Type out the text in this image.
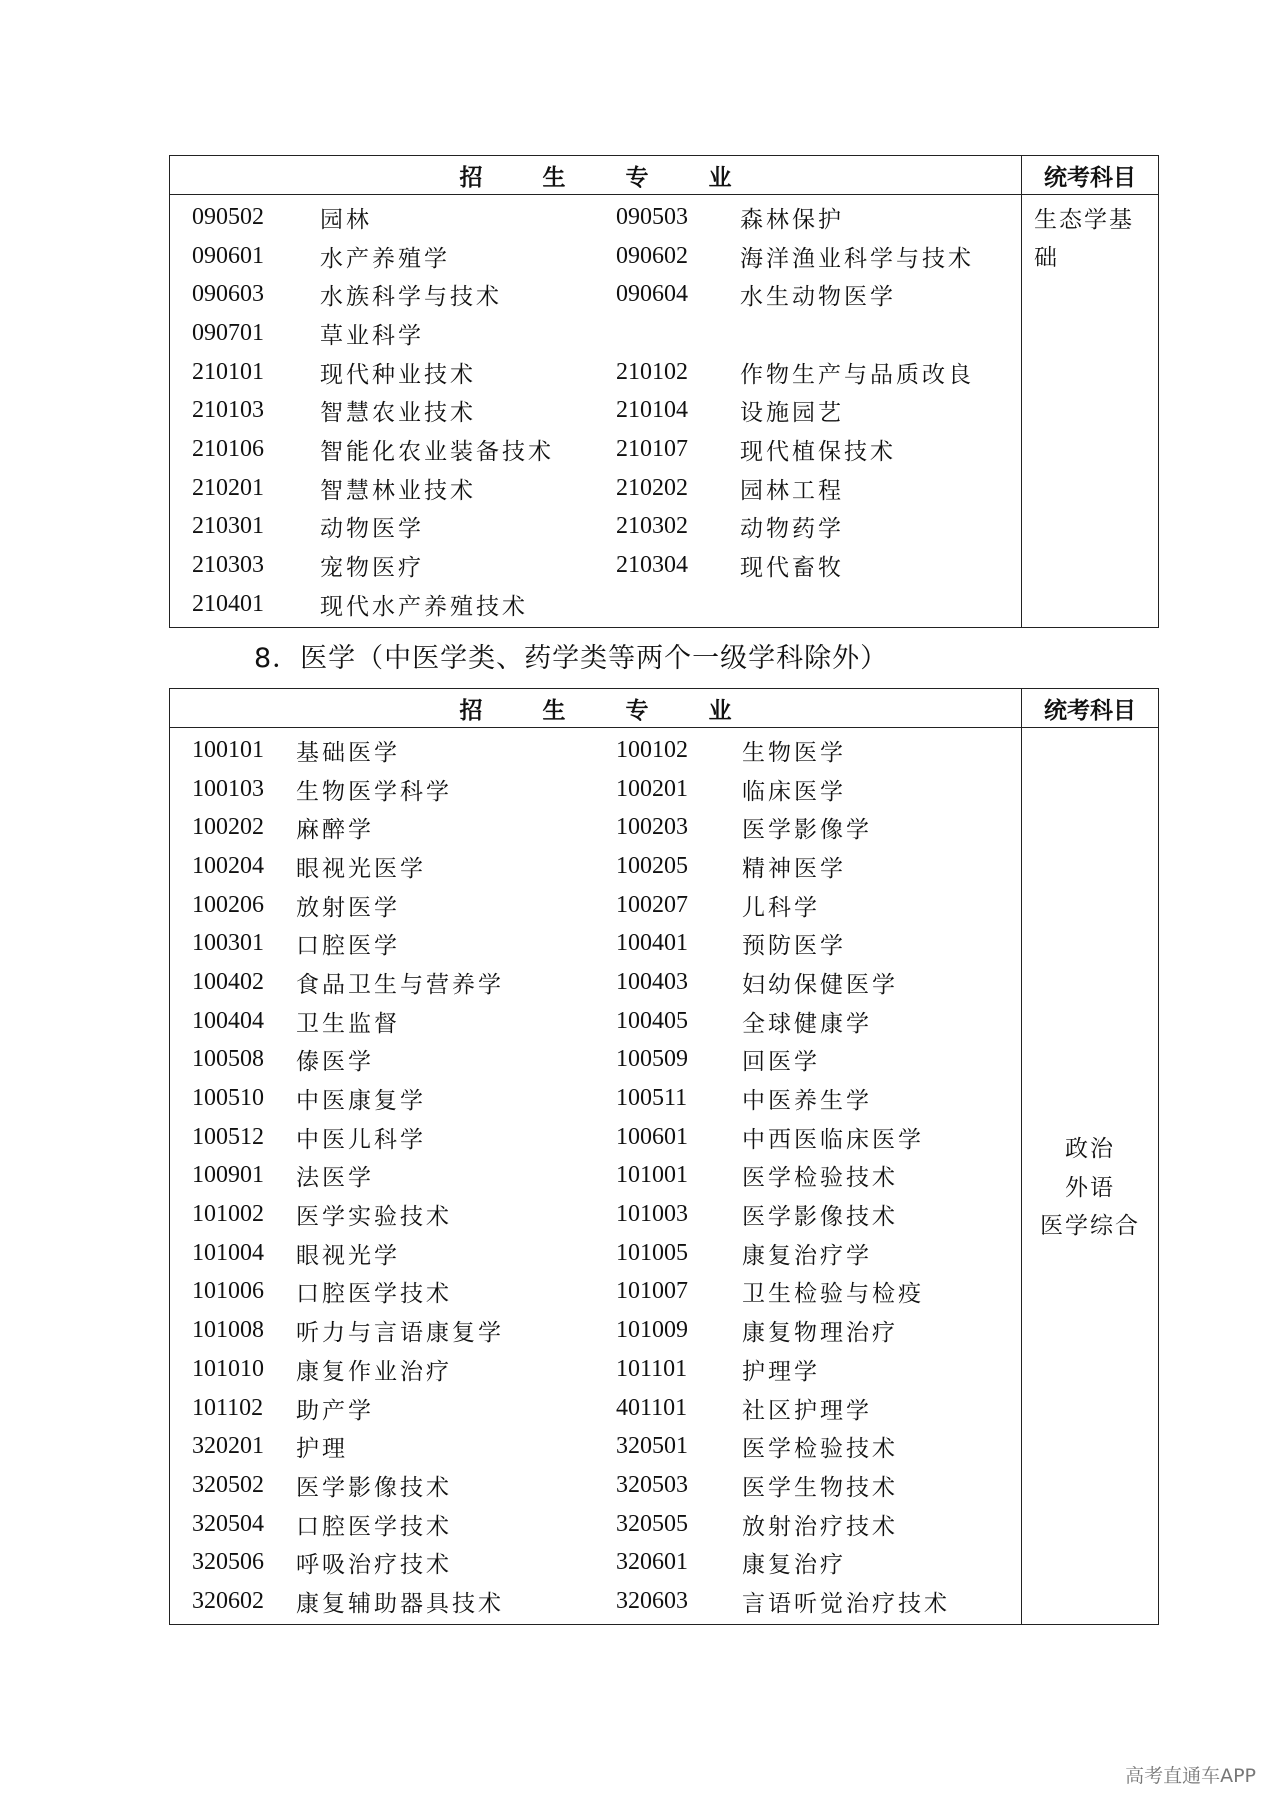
招	生	专	业	统考科目
090502	园林	090503	森林保护
090601	水产养殖学	090602	海洋渔业科学与技术
090603	水族科学与技术	090604	水生动物医学
090701	草业科学
210101	现代种业技术	210102	作物生产与品质改良
210103	智慧农业技术	210104	设施园艺
210106	智能化农业装备技术	210107	现代植保技术
210201	智慧林业技术	210202	园林工程
210301	动物医学	210302	动物药学
210303	宠物医疗	210304	现代畜牧
210401	现代水产养殖技术
生态学基
础
8．医学（中医学类、药学类等两个一级学科除外）
招	生	专	业	统考科目
100101	基础医学	100102	生物医学
100103	生物医学科学	100201	临床医学
100202	麻醉学	100203	医学影像学
100204	眼视光医学	100205	精神医学
100206	放射医学	100207	儿科学
100301	口腔医学	100401	预防医学
100402	食品卫生与营养学	100403	妇幼保健医学
100404	卫生监督	100405	全球健康学
100508	傣医学	100509	回医学
100510	中医康复学	100511	中医养生学
100512	中医儿科学	100601	中西医临床医学
100901	法医学	101001	医学检验技术
101002	医学实验技术	101003	医学影像技术
101004	眼视光学	101005	康复治疗学
101006	口腔医学技术	101007	卫生检验与检疫
101008	听力与言语康复学	101009	康复物理治疗
101010	康复作业治疗	101101	护理学
101102	助产学	401101	社区护理学
320201	护理	320501	医学检验技术
320502	医学影像技术	320503	医学生物技术
320504	口腔医学技术	320505	放射治疗技术
320506	呼吸治疗技术	320601	康复治疗
320602	康复辅助器具技术	320603	言语听觉治疗技术
政治
外语
医学综合
高考直通车APP
